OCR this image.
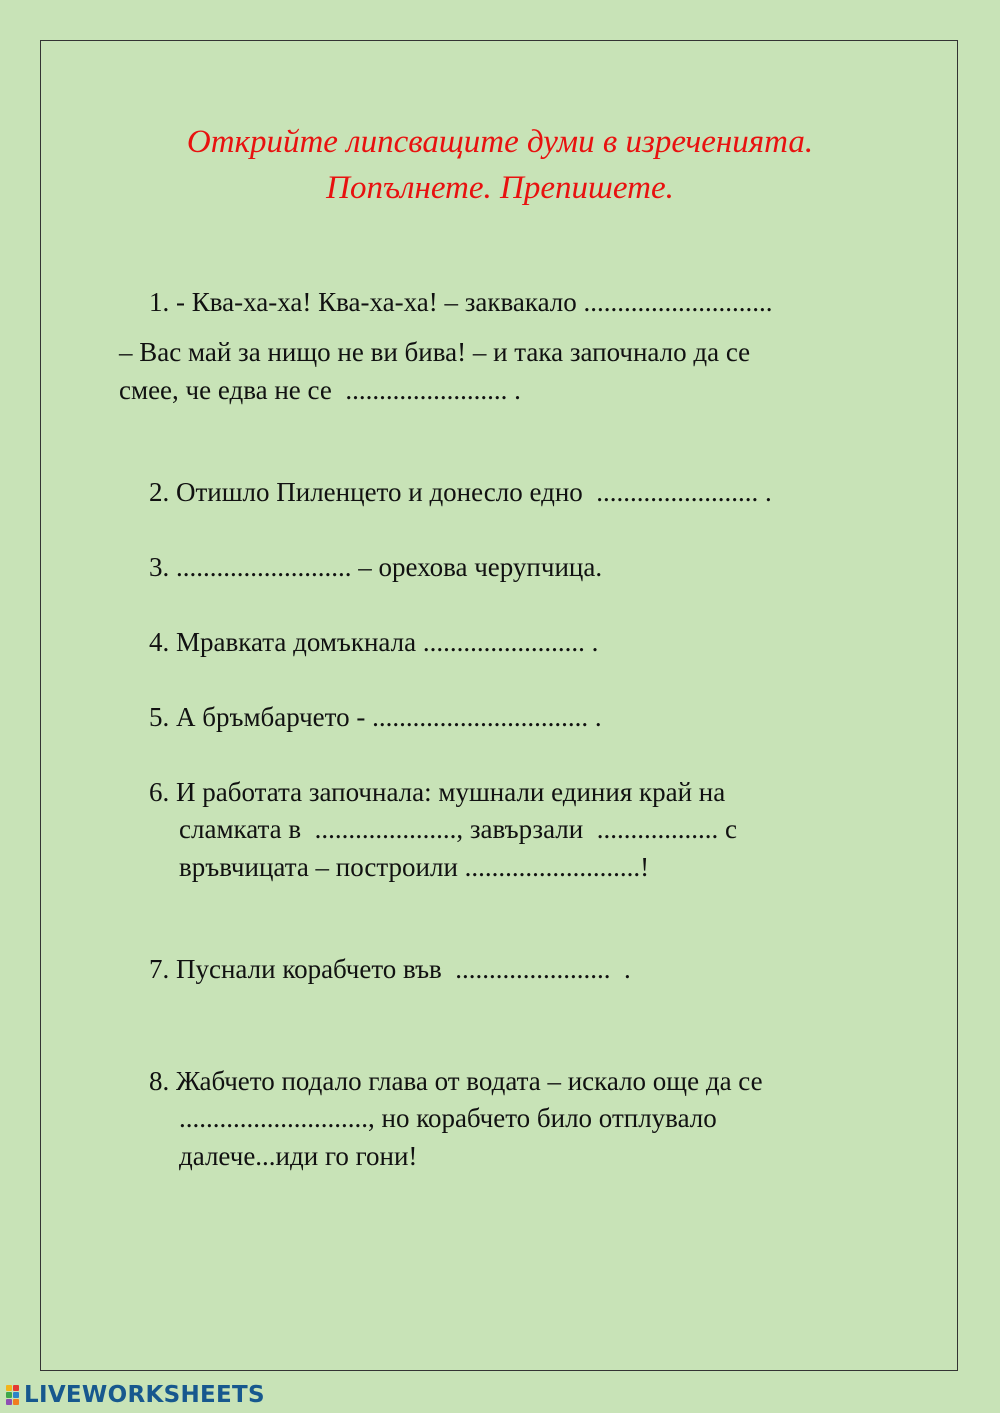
Открийте липсващите думи в изреченията.
Попълнете. Препишете.

1. - Ква-ха-ха! Ква-ха-ха! – заквакало ............................

– Вас май за нищо не ви бива! – и така започнало да се

смее, че едва не се  ........................ .

2. Отишло Пиленцето и донесло едно  ........................ .

3. .......................... – орехова черупчица.

4. Мравката домъкнала ........................ .

5. А бръмбарчето - ................................ .

6. И работата започнала: мушнали единия край на

сламката в  ....................., завързали  .................. с

връвчицата – построили ..........................!

7. Пуснали корабчето във  .......................  .

8. Жабчето подало глава от водата – искало още да се

............................, но корабчето било отплувало

далече...иди го гони!

LIVEWORKSHEETS
